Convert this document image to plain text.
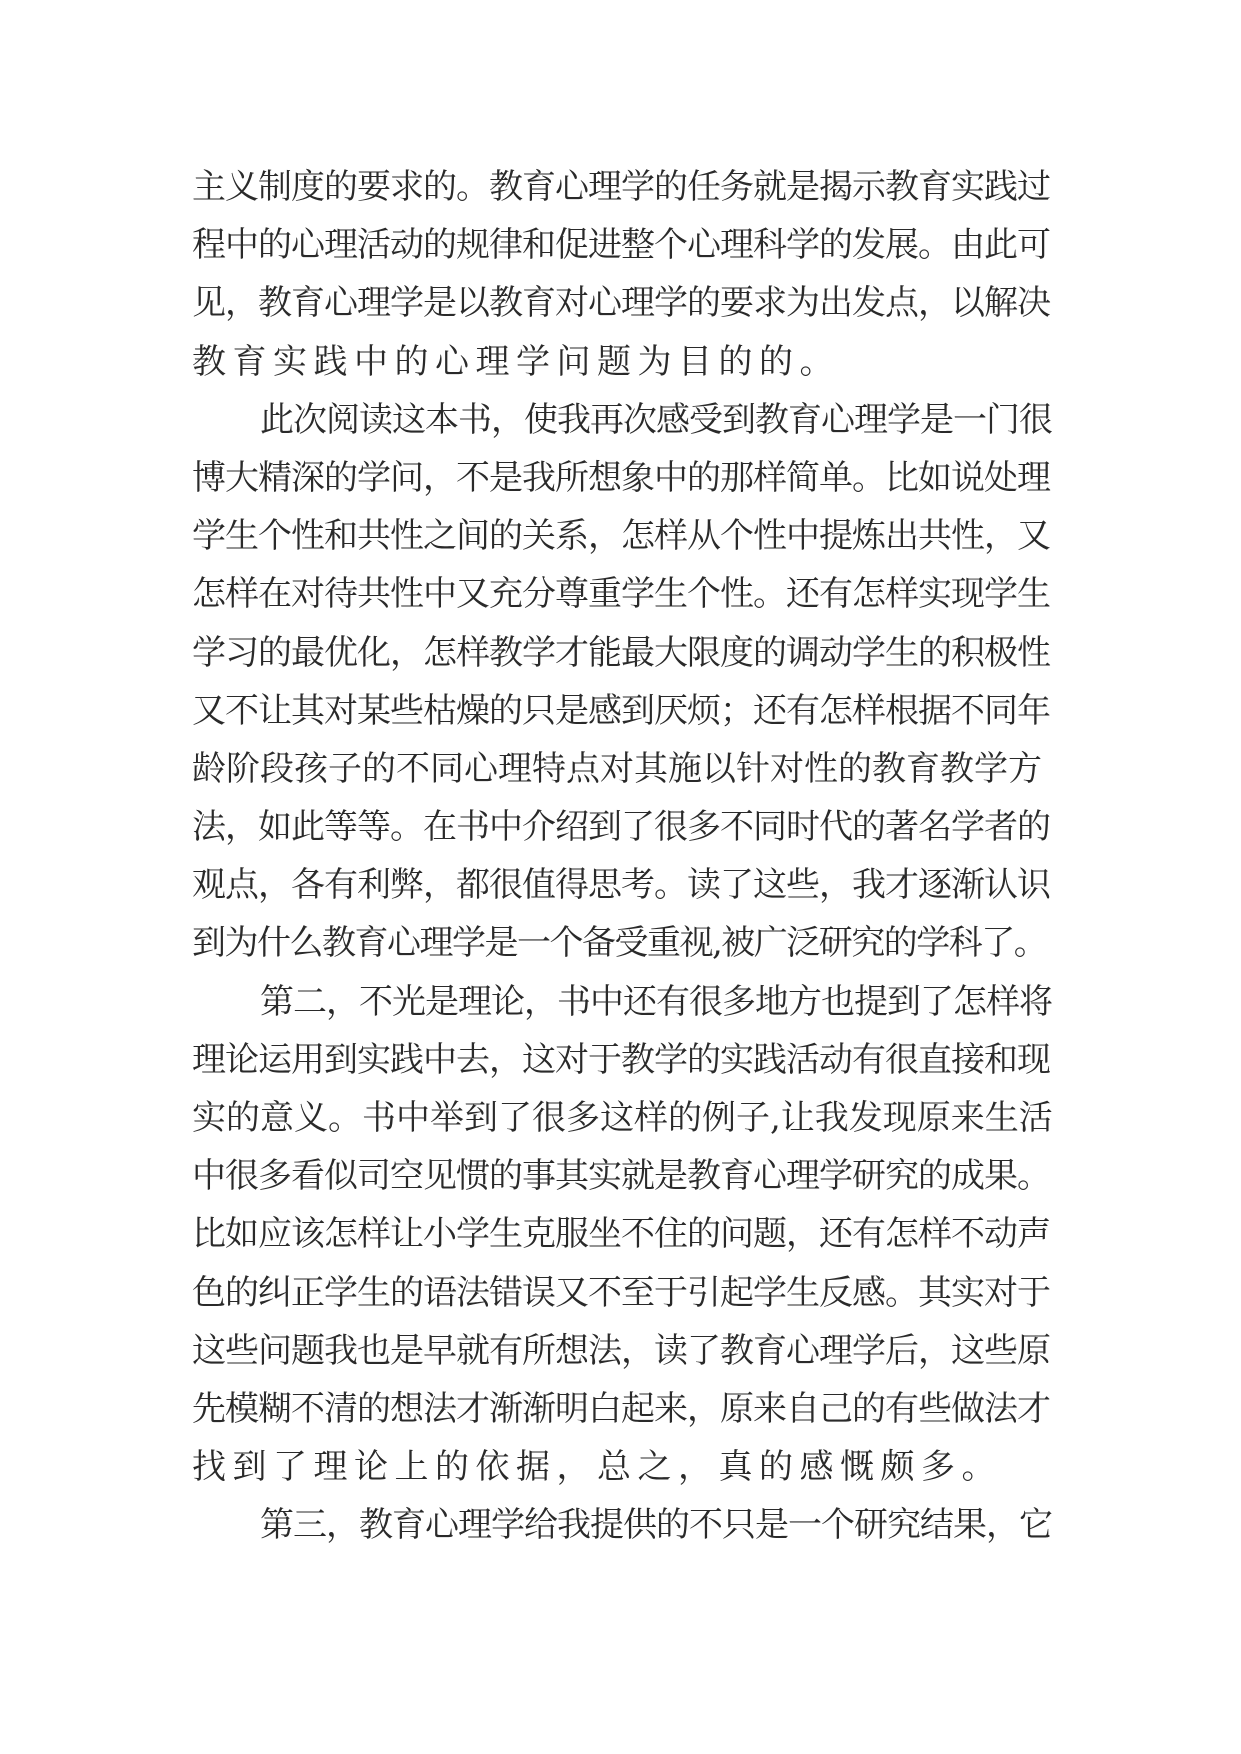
主义制度的要求的。教育心理学的任务就是揭示教育实践过
程中的心理活动的规律和促进整个心理科学的发展。由此可
见，教育心理学是以教育对心理学的要求为出发点，以解决
教育实践中的心理学问题为目的的。
此次阅读这本书，使我再次感受到教育心理学是一门很
博大精深的学问，不是我所想象中的那样简单。比如说处理
学生个性和共性之间的关系，怎样从个性中提炼出共性，又
怎样在对待共性中又充分尊重学生个性。还有怎样实现学生
学习的最优化，怎样教学才能最大限度的调动学生的积极性
又不让其对某些枯燥的只是感到厌烦；还有怎样根据不同年
龄阶段孩子的不同心理特点对其施以针对性的教育教学方
法，如此等等。在书中介绍到了很多不同时代的著名学者的
观点，各有利弊，都很值得思考。读了这些，我才逐渐认识
到为什么教育心理学是一个备受重视,被广泛研究的学科了。
第二，不光是理论，书中还有很多地方也提到了怎样将
理论运用到实践中去，这对于教学的实践活动有很直接和现
实的意义。书中举到了很多这样的例子,让我发现原来生活
中很多看似司空见惯的事其实就是教育心理学研究的成果。
比如应该怎样让小学生克服坐不住的问题，还有怎样不动声
色的纠正学生的语法错误又不至于引起学生反感。其实对于
这些问题我也是早就有所想法，读了教育心理学后，这些原
先模糊不清的想法才渐渐明白起来，原来自己的有些做法才
找到了理论上的依据，总之，真的感慨颇多。
第三，教育心理学给我提供的不只是一个研究结果，它
